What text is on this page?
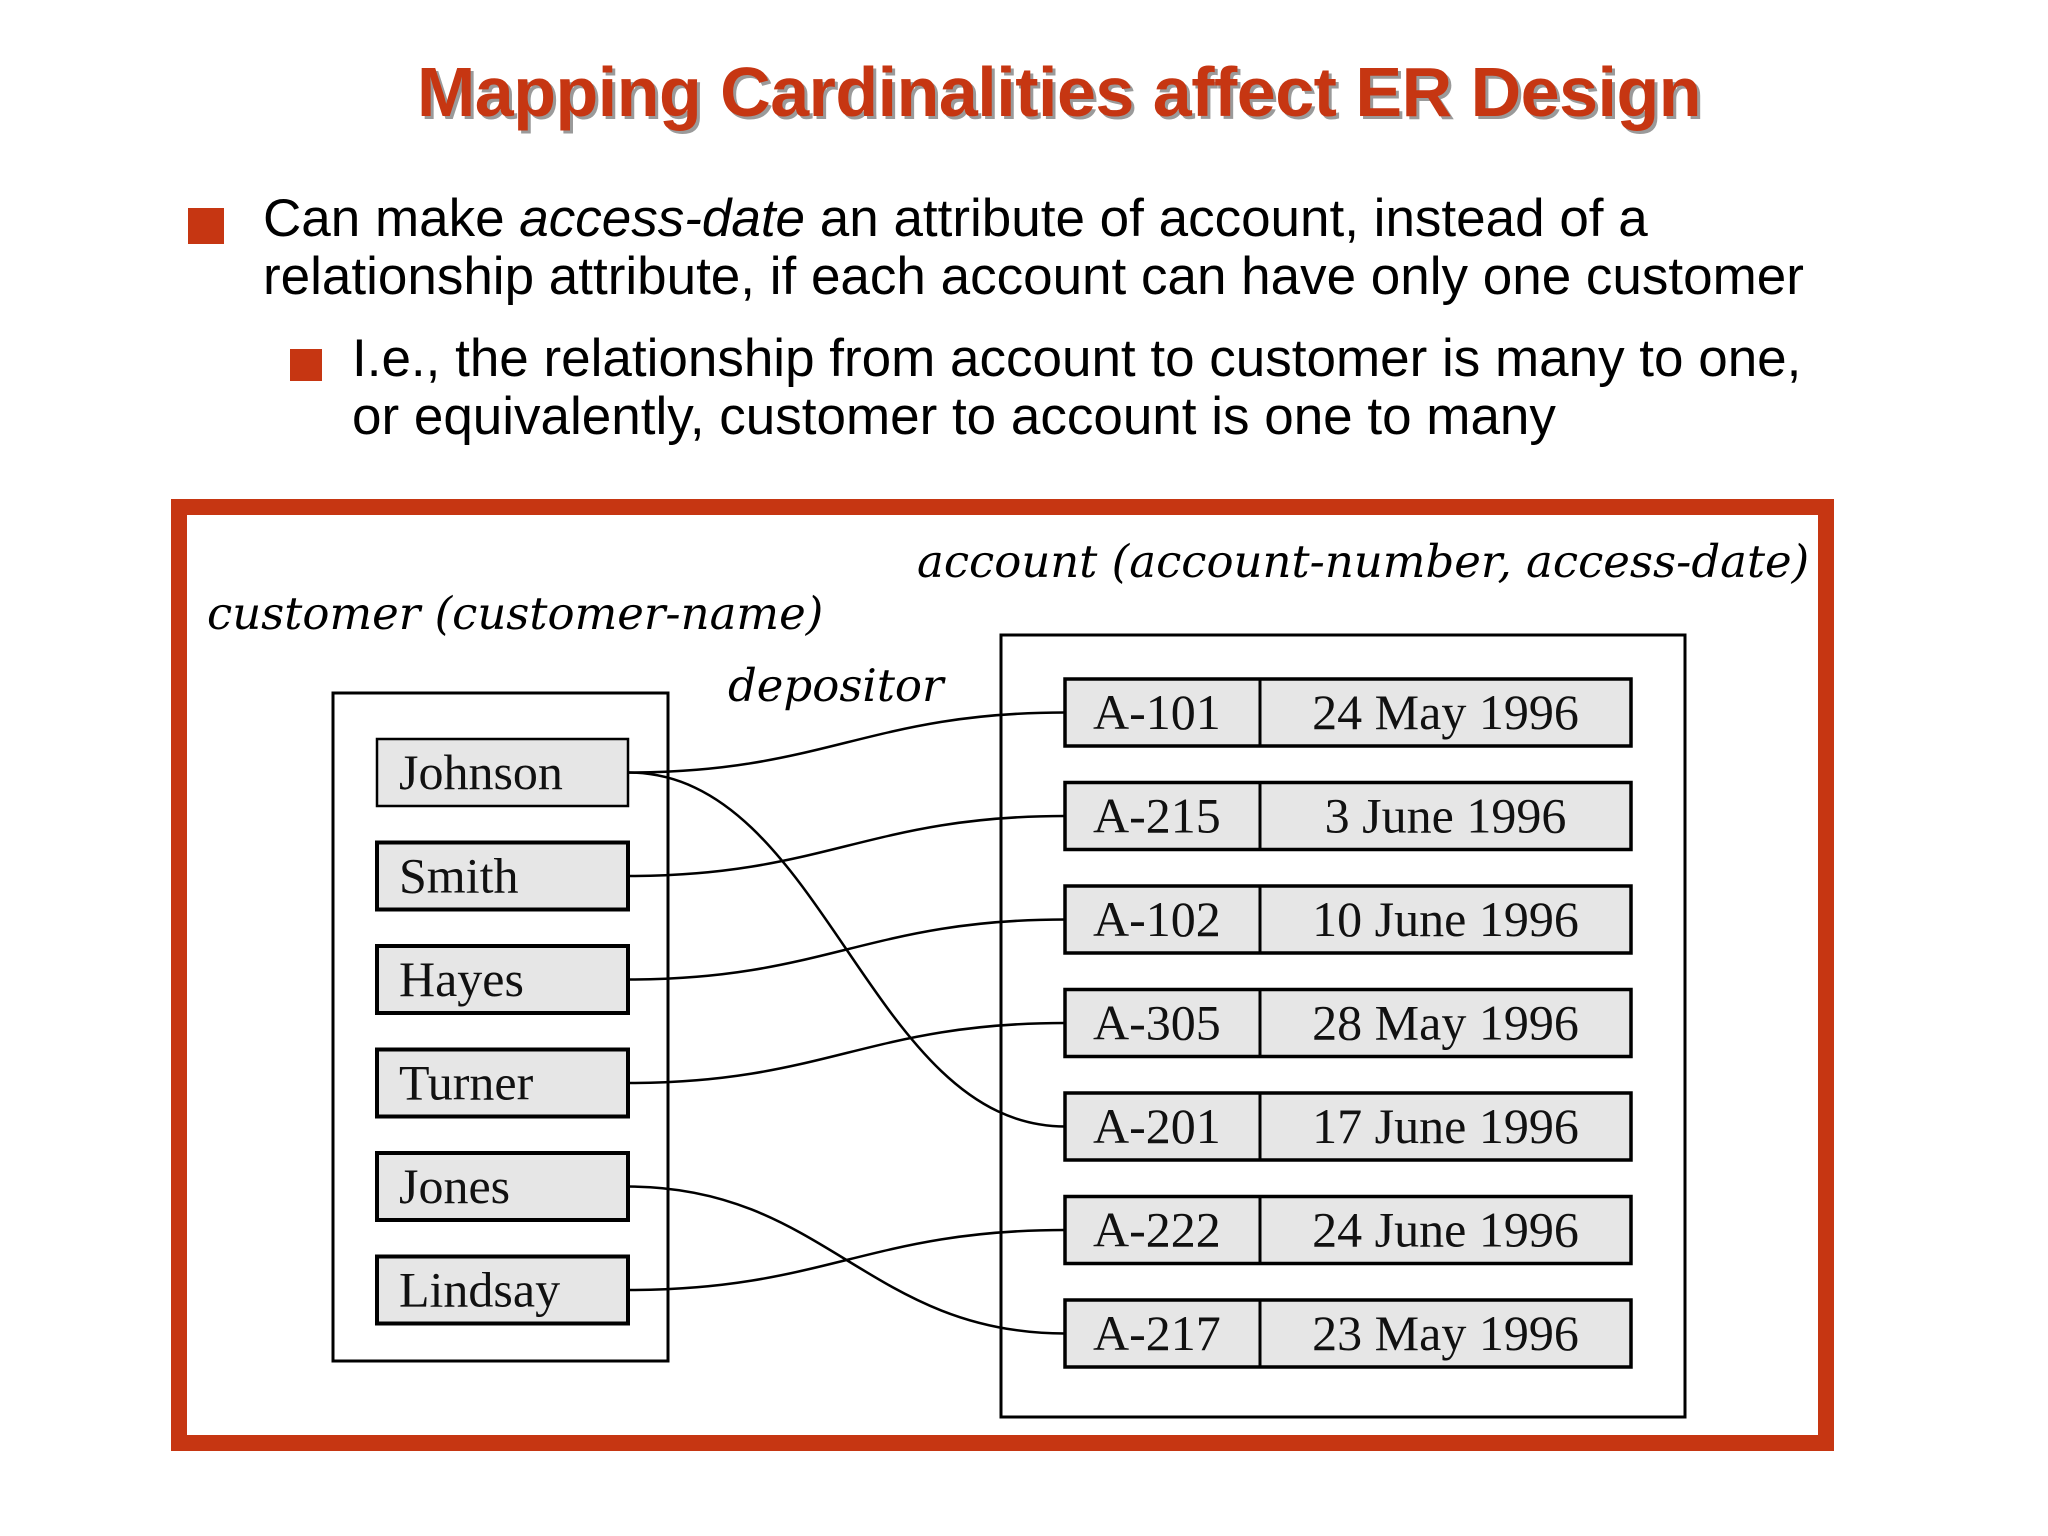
Mapping Cardinalities affect ER Design
Can make access-date an attribute of account, instead of a
relationship attribute, if each account can have only one customer
I.e., the relationship from account to customer is many to one,
or equivalently, customer to account is one to many
account (account-number, access-date)
customer (customer-name)
depositor
Johnson
Smith
Hayes
Turner
Jones
Lindsay
A-101 24 May 1996
A-215 3 June 1996
A-102 10 June 1996
A-305 28 May 1996
A-201 17 June 1996
A-222 24 June 1996
A-217 23 May 1996
